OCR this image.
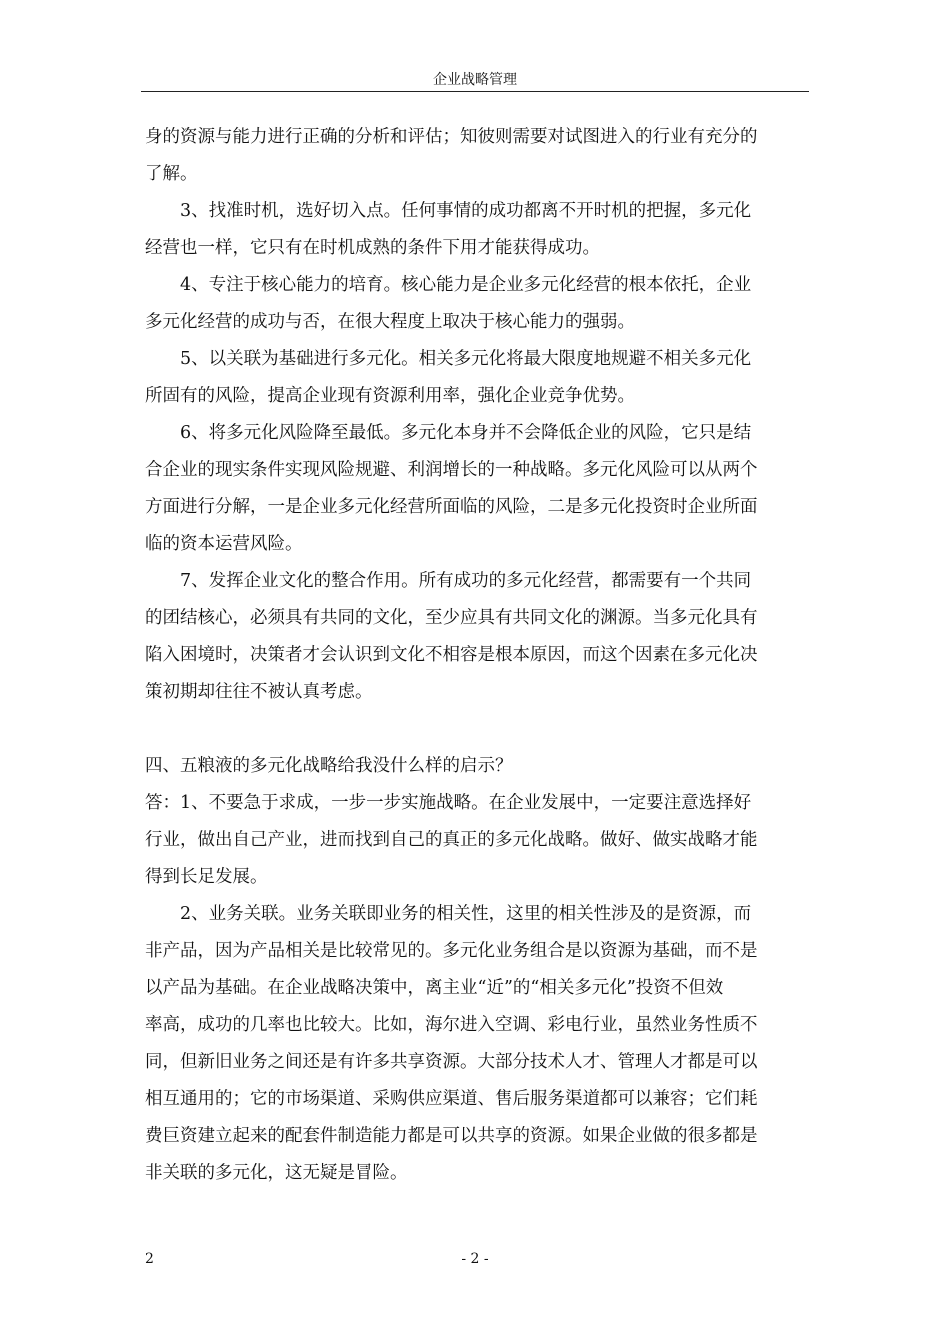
企业战略管理
身的资源与能力进行正确的分析和评估；知彼则需要对试图进入的行业有充分的
了解。
3、找准时机，选好切入点。任何事情的成功都离不开时机的把握，多元化
经营也一样，它只有在时机成熟的条件下用才能获得成功。
4、专注于核心能力的培育。核心能力是企业多元化经营的根本依托，企业
多元化经营的成功与否，在很大程度上取决于核心能力的强弱。
5、以关联为基础进行多元化。相关多元化将最大限度地规避不相关多元化
所固有的风险，提高企业现有资源利用率，强化企业竞争优势。
6、将多元化风险降至最低。多元化本身并不会降低企业的风险，它只是结
合企业的现实条件实现风险规避、利润增长的一种战略。多元化风险可以从两个
方面进行分解，一是企业多元化经营所面临的风险，二是多元化投资时企业所面
临的资本运营风险。
7、发挥企业文化的整合作用。所有成功的多元化经营，都需要有一个共同
的团结核心，必须具有共同的文化，至少应具有共同文化的渊源。当多元化具有
陷入困境时，决策者才会认识到文化不相容是根本原因，而这个因素在多元化决
策初期却往往不被认真考虑。
四、五粮液的多元化战略给我没什么样的启示？
答：1、不要急于求成，一步一步实施战略。在企业发展中，一定要注意选择好
行业，做出自己产业，进而找到自己的真正的多元化战略。做好、做实战略才能
得到长足发展。
2、业务关联。业务关联即业务的相关性，这里的相关性涉及的是资源，而
非产品，因为产品相关是比较常见的。多元化业务组合是以资源为基础，而不是
以产品为基础。在企业战略决策中，离主业“近”的“相关多元化”投资不但效
率高，成功的几率也比较大。比如，海尔进入空调、彩电行业，虽然业务性质不
同，但新旧业务之间还是有许多共享资源。大部分技术人才、管理人才都是可以
相互通用的；它的市场渠道、采购供应渠道、售后服务渠道都可以兼容；它们耗
费巨资建立起来的配套件制造能力都是可以共享的资源。如果企业做的很多都是
非关联的多元化，这无疑是冒险。
2	- 2 -
